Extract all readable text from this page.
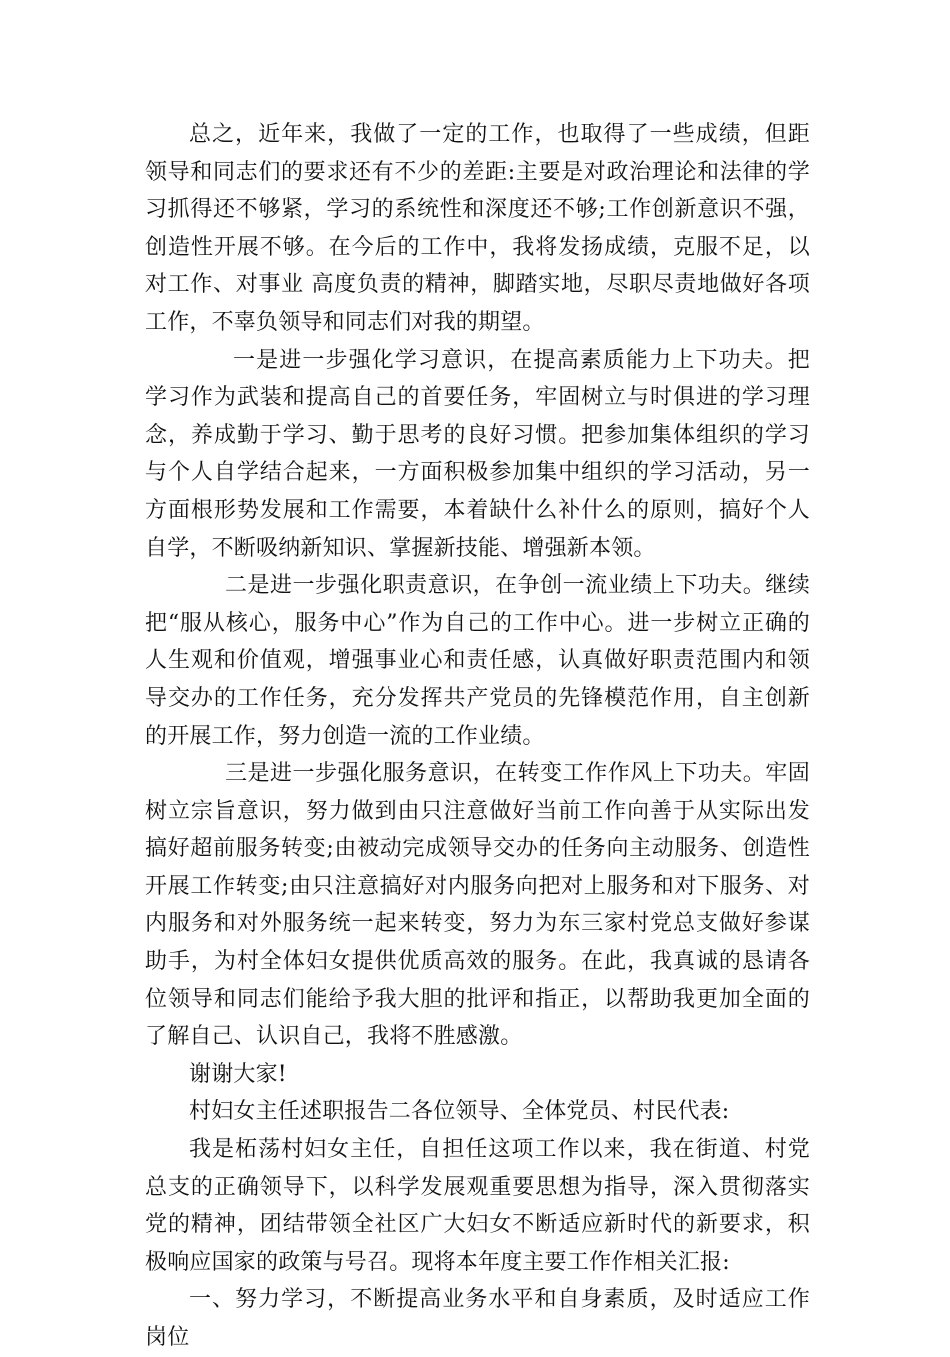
总之，近年来，我做了一定的工作，也取得了一些成绩，但距领导和同志们的要求还有不少的差距:主要是对政治理论和法律的学习抓得还不够紧，学习的系统性和深度还不够;工作创新意识不强，创造性开展不够。在今后的工作中，我将发扬成绩，克服不足，以对工作、对事业 高度负责的精神，脚踏实地，尽职尽责地做好各项工作，不辜负领导和同志们对我的期望。

一是进一步强化学习意识，在提高素质能力上下功夫。把学习作为武装和提高自己的首要任务，牢固树立与时俱进的学习理念，养成勤于学习、勤于思考的良好习惯。把参加集体组织的学习与个人自学结合起来，一方面积极参加集中组织的学习活动，另一方面根形势发展和工作需要，本着缺什么补什么的原则，搞好个人自学，不断吸纳新知识、掌握新技能、增强新本领。

二是进一步强化职责意识，在争创一流业绩上下功夫。继续把“服从核心，服务中心”作为自己的工作中心。进一步树立正确的人生观和价值观，增强事业心和责任感，认真做好职责范围内和领导交办的工作任务，充分发挥共产党员的先锋模范作用，自主创新的开展工作，努力创造一流的工作业绩。

三是进一步强化服务意识，在转变工作作风上下功夫。牢固树立宗旨意识，努力做到由只注意做好当前工作向善于从实际出发搞好超前服务转变;由被动完成领导交办的任务向主动服务、创造性开展工作转变;由只注意搞好对内服务向把对上服务和对下服务、对内服务和对外服务统一起来转变，努力为东三家村党总支做好参谋助手，为村全体妇女提供优质高效的服务。在此，我真诚的恳请各位领导和同志们能给予我大胆的批评和指正，以帮助我更加全面的了解自己、认识自己，我将不胜感激。

谢谢大家!

村妇女主任述职报告二各位领导、全体党员、村民代表:

我是柘荡村妇女主任，自担任这项工作以来，我在街道、村党总支的正确领导下，以科学发展观重要思想为指导，深入贯彻落实党的精神，团结带领全社区广大妇女不断适应新时代的新要求，积极响应国家的政策与号召。现将本年度主要工作作相关汇报:

一、努力学习，不断提高业务水平和自身素质，及时适应工作岗位
